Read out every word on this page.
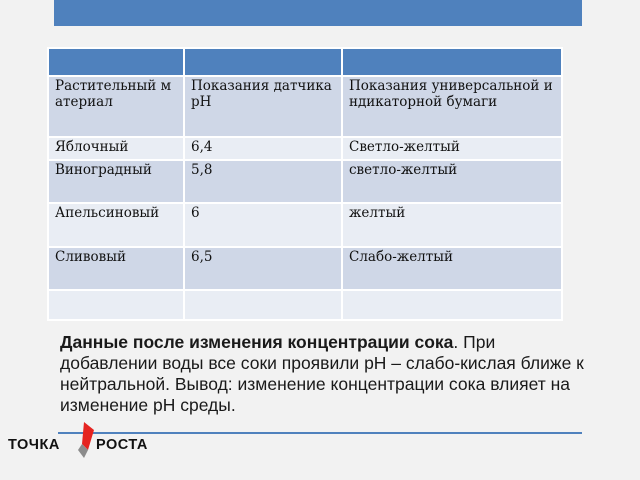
Растительный материал	Показания датчика рН	Показания универсальной индикаторной бумаги
Яблочный	6,4	Светло-желтый
Виноградный	5,8	светло-желтый
Апельсиновый	6	желтый
Сливовый	6,5	Слабо-желтый

Данные после изменения концентрации сока. При добавлении воды все соки проявили рН – слабо-кислая ближе к нейтральной. Вывод: изменение концентрации сока влияет на изменение рН среды.
ТОЧКА РОСТА
